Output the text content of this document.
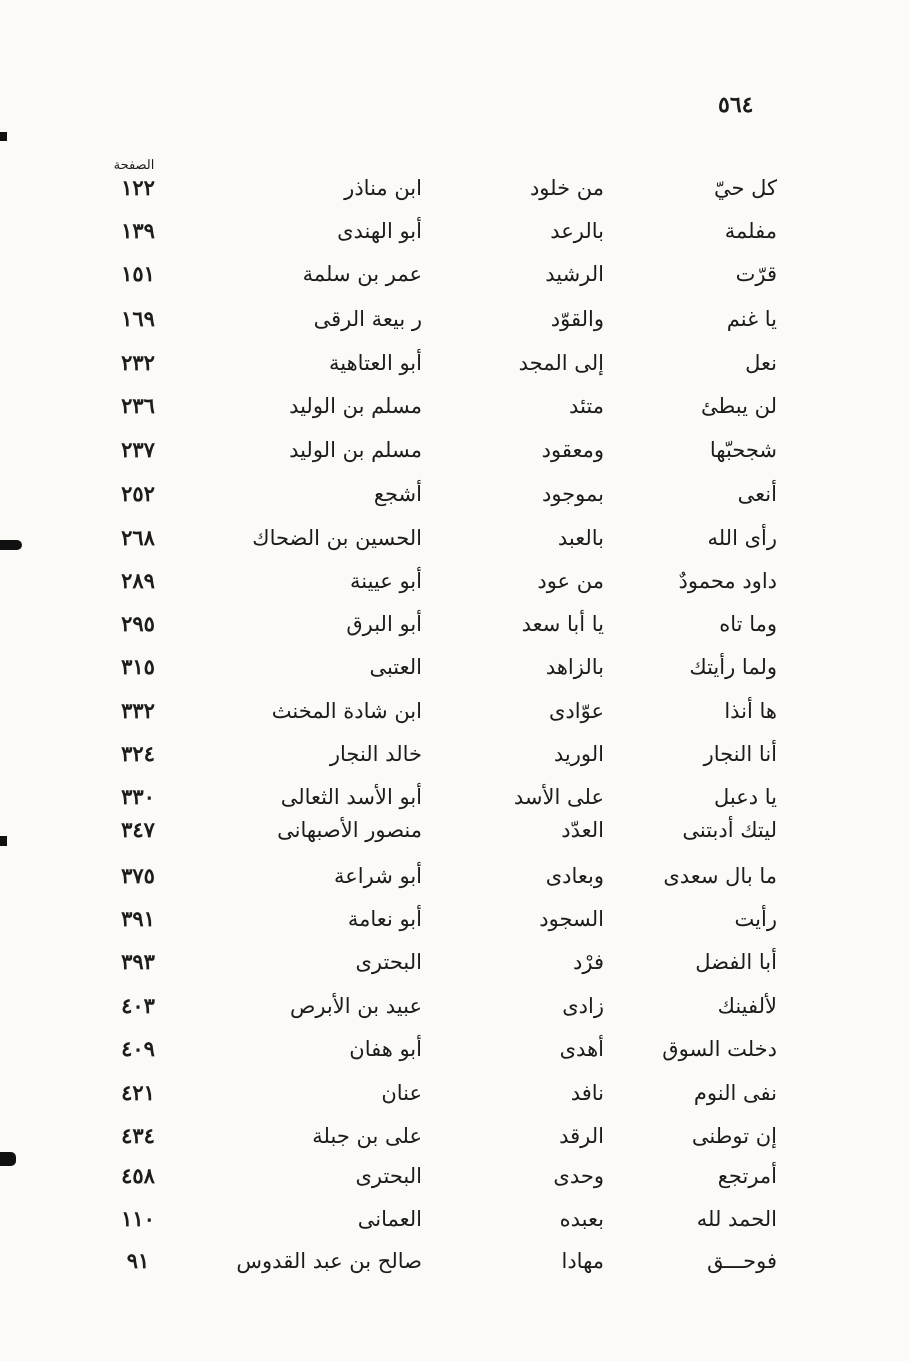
٥٦٤
الصفحة
كل حيّ
من خلود
ابن مناذر
١٢٢
مفلمة
بالرعد
أبو الهندى
١٣٩
قرّت
الرشيد
عمر بن سلمة
١٥١
يا غنم
والقوّد
ر بيعة الرقى
١٦٩
نعل
إلى المجد
أبو العتاهية
٢٣٢
لن يبطئ
متئد
مسلم بن الوليد
٢٣٦
شجحبّها
ومعقود
مسلم بن الوليد
٢٣٧
أنعى
بموجود
أشجع
٢٥٢
رأى الله
بالعبد
الحسين بن الضحاك
٢٦٨
داود محمودٌ
من عود
أبو عيينة
٢٨٩
وما تاه
يا أبا سعد
أبو البرق
٢٩٥
ولما رأيتك
بالزاهد
العتبى
٣١٥
ها أنذا
عوّادى
ابن شادة المخنث
٣٣٢
أنا النجار
الوريد
خالد النجار
٣٢٤
يا دعبل
على الأسد
أبو الأسد الثعالى
٣٣٠
ليتك أدبتنى
العدّد
منصور الأصبهانى
٣٤٧
ما بال سعدى
وبعادى
أبو شراعة
٣٧٥
رأيت
السجود
أبو نعامة
٣٩١
أبا الفضل
فرْد
البحترى
٣٩٣
لألفينك
زادى
عبيد بن الأبرص
٤٠٣
دخلت السوق
أهدى
أبو هفان
٤٠٩
نفى النوم
نافد
عنان
٤٢١
إن توطنى
الرقد
على بن جبلة
٤٣٤
أمرتجع
وحدى
البحترى
٤٥٨
الحمد لله
بعبده
العمانى
١١٠
فوحـــق
مهادا
صالح بن عبد القدوس
٩١
